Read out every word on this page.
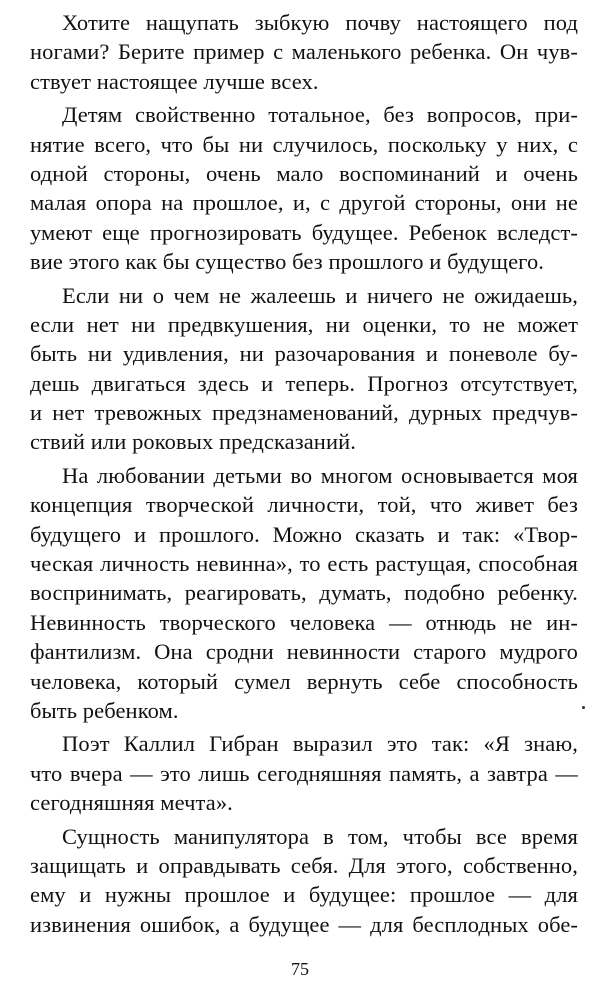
Хотите нащупать зыбкую почву настоящего под
ногами? Берите пример с маленького ребенка. Он чув-
ствует настоящее лучше всех.
Детям свойственно тотальное, без вопросов, при-
нятие всего, что бы ни случилось, поскольку у них, с
одной стороны, очень мало воспоминаний и очень
малая опора на прошлое, и, с другой стороны, они не
умеют еще прогнозировать будущее. Ребенок вследст-
вие этого как бы существо без прошлого и будущего.
Если ни о чем не жалеешь и ничего не ожидаешь,
если нет ни предвкушения, ни оценки, то не может
быть ни удивления, ни разочарования и поневоле бу-
дешь двигаться здесь и теперь. Прогноз отсутствует,
и нет тревожных предзнаменований, дурных предчув-
ствий или роковых предсказаний.
На любовании детьми во многом основывается моя
концепция творческой личности, той, что живет без
будущего и прошлого. Можно сказать и так: «Твор-
ческая личность невинна», то есть растущая, способная
воспринимать, реагировать, думать, подобно ребенку.
Невинность творческого человека — отнюдь не ин-
фантилизм. Она сродни невинности старого мудрого
человека, который сумел вернуть себе способность
быть ребенком.
Поэт Каллил Гибран выразил это так: «Я знаю,
что вчера — это лишь сегодняшняя память, а завтра —
сегодняшняя мечта».
Сущность манипулятора в том, чтобы все время
защищать и оправдывать себя. Для этого, собственно,
ему и нужны прошлое и будущее: прошлое — для
извинения ошибок, а будущее — для бесплодных обе-
75
